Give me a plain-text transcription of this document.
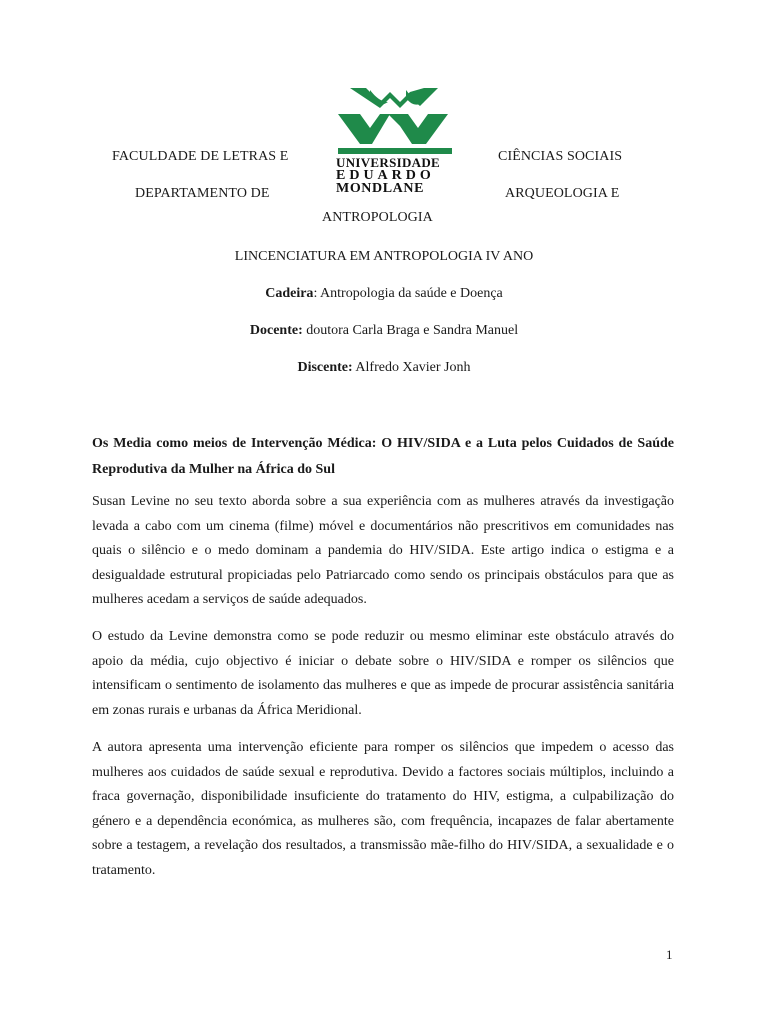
FACULDADE DE LETRAS E	CIÊNCIAS SOCIAIS
DEPARTAMENTO DE	ARQUEOLOGIA E
ANTROPOLOGIA
UNIVERSIDADE
EDUARDO
MONDLANE
LINCENCIATURA EM ANTROPOLOGIA IV ANO
Cadeira: Antropologia da saúde e Doença
Docente: doutora Carla Braga e Sandra Manuel
Discente: Alfredo Xavier Jonh
Os Media como meios de Intervenção Médica: O HIV/SIDA e a Luta pelos Cuidados de Saúde Reprodutiva da Mulher na África do Sul
Susan Levine no seu texto aborda sobre a sua experiência com as mulheres através da investigação levada a cabo com um cinema (filme) móvel e documentários não prescritivos em comunidades nas quais o silêncio e o medo dominam a pandemia do HIV/SIDA. Este artigo indica o estigma e a desigualdade estrutural propiciadas pelo Patriarcado como sendo os principais obstáculos para que as mulheres acedam a serviços de saúde adequados.
O estudo da Levine demonstra como se pode reduzir ou mesmo eliminar este obstáculo através do apoio da média, cujo objectivo é iniciar o debate sobre o HIV/SIDA e romper os silêncios que intensificam o sentimento de isolamento das mulheres e que as impede de procurar assistência sanitária em zonas rurais e urbanas da África Meridional.
A autora apresenta uma intervenção eficiente para romper os silêncios que impedem o acesso das mulheres aos cuidados de saúde sexual e reprodutiva. Devido a factores sociais múltiplos, incluindo a fraca governação, disponibilidade insuficiente do tratamento do HIV, estigma, a culpabilização do género e a dependência económica, as mulheres são, com frequência, incapazes de falar abertamente sobre a testagem, a revelação dos resultados, a transmissão mãe-filho do HIV/SIDA, a sexualidade e o tratamento.
1
